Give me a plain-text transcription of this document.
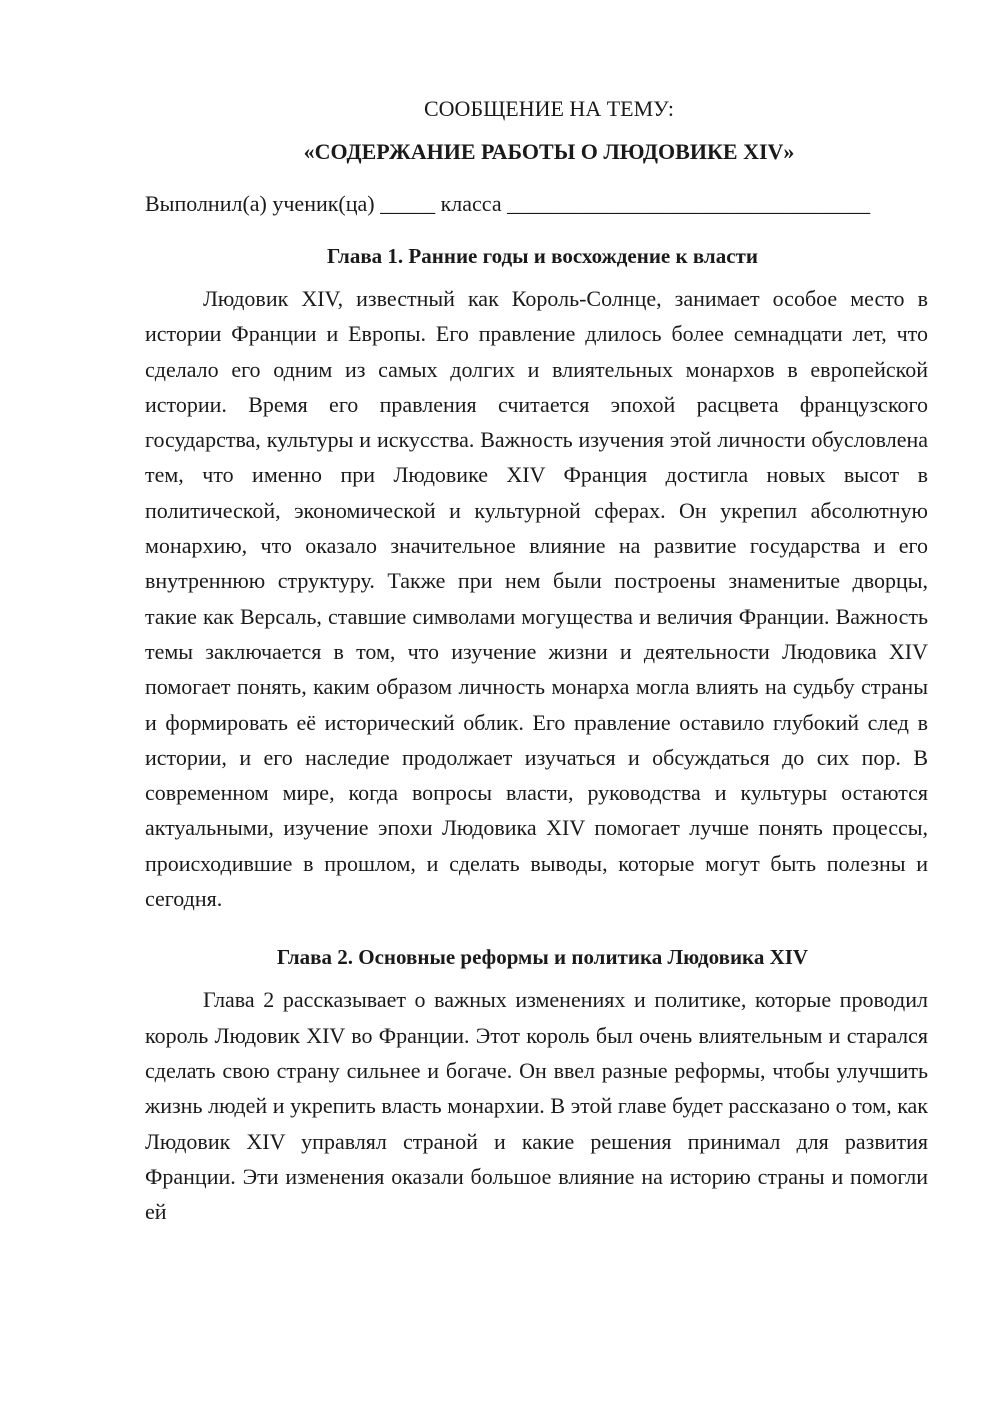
СООБЩЕНИЕ НА ТЕМУ:

«СОДЕРЖАНИЕ РАБОТЫ О ЛЮДОВИКЕ XIV»

Выполнил(а) ученик(ца) _____ класса _________________________________

Глава 1. Ранние годы и восхождение к власти

Людовик XIV, известный как Король-Солнце, занимает особое место в истории Франции и Европы. Его правление длилось более семнадцати лет, что сделало его одним из самых долгих и влиятельных монархов в европейской истории. Время его правления считается эпохой расцвета французского государства, культуры и искусства. Важность изучения этой личности обусловлена тем, что именно при Людовике XIV Франция достигла новых высот в политической, экономической и культурной сферах. Он укрепил абсолютную монархию, что оказало значительное влияние на развитие государства и его внутреннюю структуру. Также при нем были построены знаменитые дворцы, такие как Версаль, ставшие символами могущества и величия Франции. Важность темы заключается в том, что изучение жизни и деятельности Людовика XIV помогает понять, каким образом личность монарха могла влиять на судьбу страны и формировать её исторический облик. Его правление оставило глубокий след в истории, и его наследие продолжает изучаться и обсуждаться до сих пор. В современном мире, когда вопросы власти, руководства и культуры остаются актуальными, изучение эпохи Людовика XIV помогает лучше понять процессы, происходившие в прошлом, и сделать выводы, которые могут быть полезны и сегодня.

Глава 2. Основные реформы и политика Людовика XIV

Глава 2 рассказывает о важных изменениях и политике, которые проводил король Людовик XIV во Франции. Этот король был очень влиятельным и старался сделать свою страну сильнее и богаче. Он ввел разные реформы, чтобы улучшить жизнь людей и укрепить власть монархии. В этой главе будет рассказано о том, как Людовик XIV управлял страной и какие решения принимал для развития Франции. Эти изменения оказали большое влияние на историю страны и помогли ей
